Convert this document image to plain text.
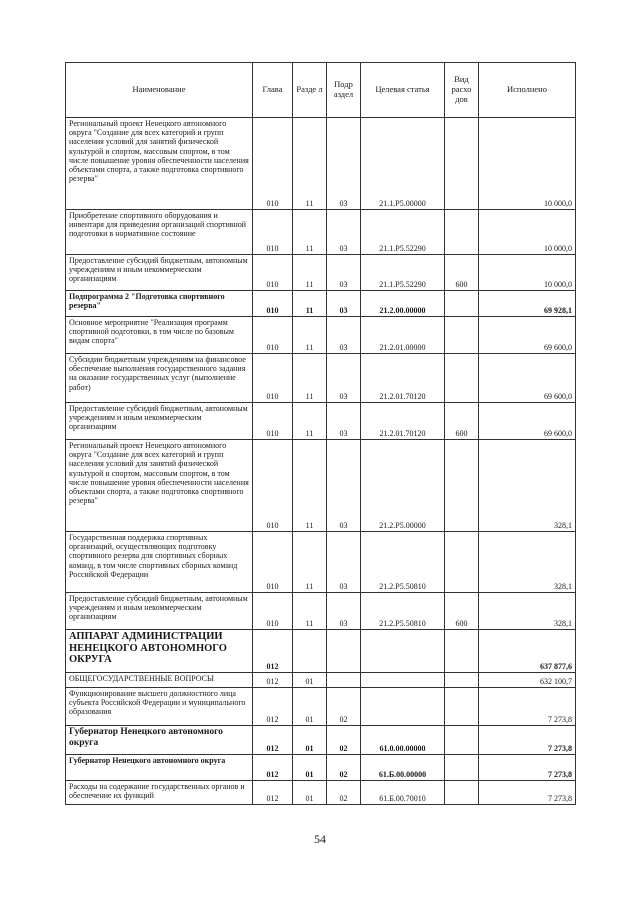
Наименование	Глава	Разде л	Подр аздел	Целевая статья	Вид расхо дов	Исполнено
Региональный проект Ненецкого автономного округа "Создание для всех категорий и групп населения условий для занятий физической культурой и спортом, массовым спортом, в том числе повышение уровня обеспеченности населения объектами спорта, а также подготовка спортивного резерва"	010	11	03	21.1.Р5.00000		10 000,0
Приобретение спортивного оборудования и инвентаря для приведения организаций спортивной подготовки в нормативное состояние	010	11	03	21.1.Р5.52290		10 000,0
Предоставление субсидий бюджетным, автономным учреждениям и иным некоммерческим организациям	010	11	03	21.1.Р5.52290	600	10 000,0
Подпрограмма 2 "Подготовка спортивного резерва"	010	11	03	21.2.00.00000		69 928,1
Основное мероприятие "Реализация программ спортивной подготовки, в том числе по базовым видам спорта"	010	11	03	21.2.01.00000		69 600,0
Субсидии бюджетным учреждениям на финансовое обеспечение выполнения государственного задания на оказание государственных услуг (выполнение работ)	010	11	03	21.2.01.70120		69 600,0
Предоставление субсидий бюджетным, автономным учреждениям и иным некоммерческим организациям	010	11	03	21.2.01.70120	600	69 600,0
Региональный проект Ненецкого автономного округа "Создание для всех категорий и групп населения условий для занятий физической культурой и спортом, массовым спортом, в том числе повышение уровня обеспеченности населения объектами спорта, а также подготовка спортивного резерва"	010	11	03	21.2.Р5.00000		328,1
Государственная поддержка спортивных организаций, осуществляющих подготовку спортивного резерва для спортивных сборных команд, в том числе спортивных сборных команд Российской Федерации	010	11	03	21.2.Р5.50810		328,1
Предоставление субсидий бюджетным, автономным учреждениям и иным некоммерческим организациям	010	11	03	21.2.Р5.50810	600	328,1
АППАРАТ АДМИНИСТРАЦИИ НЕНЕЦКОГО АВТОНОМНОГО ОКРУГА	012					637 877,6
ОБЩЕГОСУДАРСТВЕННЫЕ ВОПРОСЫ	012	01				632 100,7
Функционирование высшего должностного лица субъекта Российской Федерации и муниципального образования	012	01	02			7 273,8
Губернатор Ненецкого автономного округа	012	01	02	61.0.00.00000		7 273,8
Губернатор Ненецкого автономного округа	012	01	02	61.Б.00.00000		7 273,8
Расходы на содержание государственных органов и обеспечение их функций	012	01	02	61.Б.00.70010		7 273,8
54
